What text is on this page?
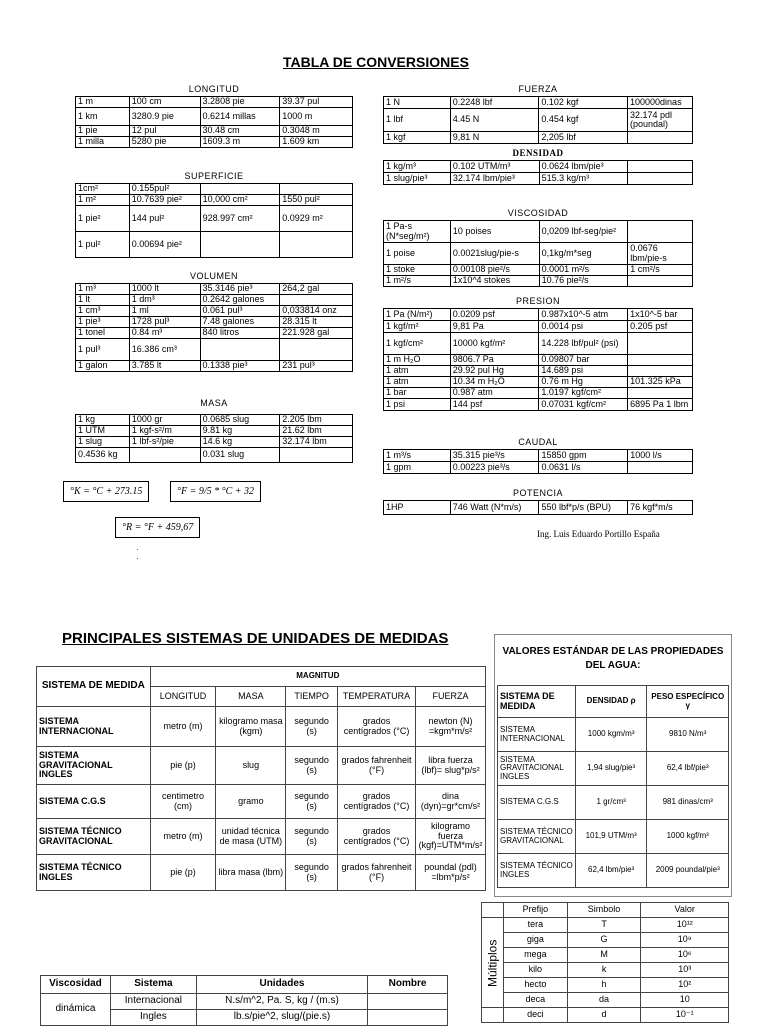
TABLA DE CONVERSIONES
LONGITUD
1 m	100 cm	3.2808 pie	39.37 pul
1 km	3280.9 pie	0.6214 millas	1000 m
1 pie	12 pul	30.48 cm	0.3048 m
1 milla	5280 pie	1609.3 m	1.609 km
SUPERFICIE
1cm²	0.155pul²		
1 m²	10.7639 pie²	10,000 cm²	1550 pul²
1 pie²	144 pul²	928.997 cm²	0.0929 m²
1 pul²	0.00694 pie²		
VOLUMEN
1 m³	1000 lt	35.3146 pie³	264,2 gal
1 lt	1 dm³	0.2642 galones	
1 cm³	1 ml	0.061 pul³	0,033814 onz
1 pie³	1728 pul³	7.48 galones	28.315 lt
1 tonel	0.84 m³	840 litros	221.928 gal
1 pul³	16.386 cm³		
1 galon	3.785 lt	0.1338 pie³	231 pul³
MASA
1 kg	1000 gr	0.0685 slug	2.205 lbm
1 UTM	1 kgf-s²/m	9.81 kg	21.62 lbm
1 slug	1 lbf-s²/pie	14.6 kg	32.174 lbm
0.4536 kg		0.031 slug	
°K = °C + 273.15	°F = 9/5 * °C + 32
°R = °F + 459,67
·
·
FUERZA
1 N	0.2248 lbf	0.102 kgf	100000dinas
1 lbf	4.45 N	0.454 kgf	32.174 pdl (poundal)
1 kgf	9,81 N	2,205 lbf	
DENSIDAD
1 kg/m³	0.102 UTM/m³	0.0624 lbm/pie³	
1 slug/pie³	32.174 lbm/pie³	515.3 kg/m³	
VISCOSIDAD
1 Pa-s (N*seg/m²)	10 poises	0,0209 lbf-seg/pie²	
1 poise	0.0021slug/pie-s	0,1kg/m*seg	0.0676 lbm/pie-s
1 stoke	0.00108 pie²/s	0.0001 m²/s	1 cm²/s
1 m²/s	1x10^4 stokes	10.76 pie²/s	
PRESION
1 Pa (N/m²)	0.0209 psf	0.987x10^-5 atm	1x10^-5 bar
1 kgf/m²	9,81 Pa	0.0014 psi	0.205 psf
1 kgf/cm²	10000 kgf/m²	14.228 lbf/pul² (psi)	
1 m H₂O	9806.7 Pa	0.09807 bar	
1 atm	29.92 pul Hg	14.689 psi	
1 atm	10.34 m H₂O	0.76 m Hg	101.325 kPa
1 bar	0.987 atm	1.0197 kgf/cm²	
1 psi	144 psf	0.07031 kgf/cm²	6895 Pa 1 lbm
CAUDAL
1 m³/s	35.315 pie³/s	15850 gpm	1000 l/s
1 gpm	0.00223 pie³/s	0.0631 l/s	
POTENCIA
1HP	746 Watt (N*m/s)	550 lbf*p/s (BPU)	76 kgf*m/s
Ing. Luis Eduardo Portillo España
PRINCIPALES SISTEMAS DE UNIDADES DE MEDIDAS
SISTEMA DE MEDIDA	MAGNITUD				
	LONGITUD	MASA	TIEMPO	TEMPERATURA	FUERZA
SISTEMA INTERNACIONAL	metro (m)	kilogramo masa (kgm)	segundo (s)	grados centígrados (°C)	newton (N) =kgm*m/s²
SISTEMA GRAVITACIONAL INGLES	pie (p)	slug	segundo (s)	grados fahrenheit (°F)	libra fuerza (lbf)= slug*p/s²
SISTEMA C.G.S	centimetro (cm)	gramo	segundo (s)	grados centígrados (°C)	dina (dyn)=gr*cm/s²
SISTEMA TÉCNICO GRAVITACIONAL	metro (m)	unidad técnica de masa (UTM)	segundo (s)	grados centígrados (°C)	kilogramo fuerza (kgf)=UTM*m/s²
SISTEMA TÉCNICO INGLES	pie (p)	libra masa (lbm)	segundo (s)	grados fahrenheit (°F)	poundal (pdl) =lbm*p/s²
VALORES ESTÁNDAR DE LAS PROPIEDADES DEL AGUA:
SISTEMA DE MEDIDA	DENSIDAD ρ	PESO ESPECÍFICO γ
SISTEMA INTERNACIONAL	1000 kgm/m³	9810 N/m³
SISTEMA GRAVITACIONAL INGLES	1,94 slug/pie³	62,4 lbf/pie³
SISTEMA C.G.S	1 gr/cm³	981 dinas/cm³
SISTEMA TÉCNICO GRAVITACIONAL	101,9 UTM/m³	1000 kgf/m³
SISTEMA TÉCNICO INGLES	62,4 lbm/pie³	2009 poundal/pie³
	Prefijo	Simbolo	Valor
Múltiplos	tera	T	10¹²
	giga	G	10⁹
	mega	M	10⁶
	kilo	k	10³
	hecto	h	10²
	deca	da	10
	deci	d	10⁻¹
Viscosidad	Sistema	Unidades	Nombre
dinámica	Internacional	N.s/m^2, Pa. S, kg / (m.s)	
	Ingles	lb.s/pie^2, slug/(pie.s)	
